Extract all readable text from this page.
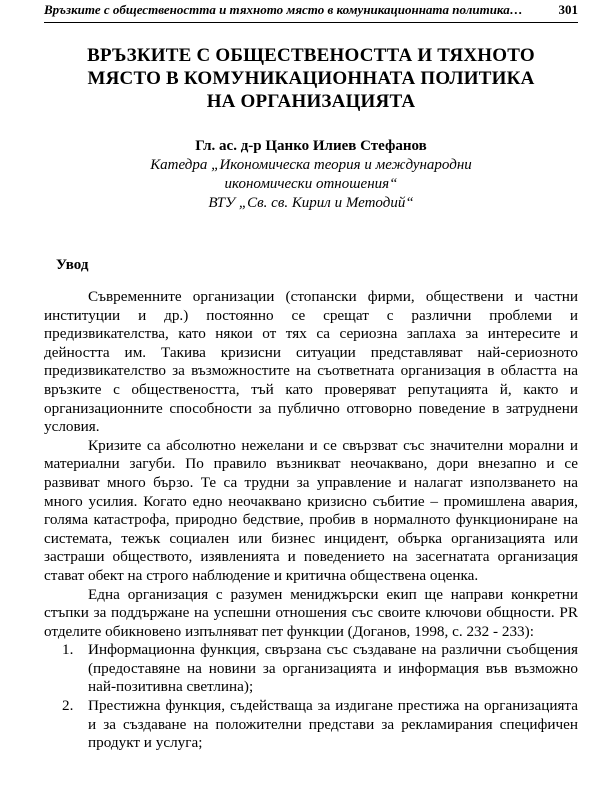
Връзките с обществеността и тяхното място в комуникационната политика…	301
ВРЪЗКИТЕ С ОБЩЕСТВЕНОСТТА И ТЯХНОТО
МЯСТО В КОМУНИКАЦИОННАТА ПОЛИТИКА
НА ОРГАНИЗАЦИЯТА
Гл. ас. д-р Цанко Илиев Стефанов
Катедра „Икономическа теория и международни
икономически отношения“
ВТУ „Св. св. Кирил и Методий“
Увод

Съвременните организации (стопански фирми, обществени и частни институции и др.) постоянно се срещат с различни проблеми и предизвикателства, като някои от тях са сериозна заплаха за интересите и дейността им. Такива кризисни ситуации представляват най-сериозното предизвикателство за възможностите на съответната организация в областта на връзките с обществеността, тъй като проверяват репутацията й, както и организационните способности за публично отговорно поведение в затруднени условия.

Кризите са абсолютно нежелани и се свързват със значителни морални и материални загуби. По правило възникват неочаквано, дори внезапно и се развиват много бързо. Те са трудни за управление и налагат използването на много усилия. Когато едно неочаквано кризисно събитие – промишлена авария, голяма катастрофа, природно бедствие, пробив в нормалното функциониране на системата, тежък социален или бизнес инцидент, обърка организацията или застраши обществото, изявленията и поведението на засегнатата организация стават обект на строго наблюдение и критична обществена оценка.

Една организация с разумен мениджърски екип ще направи конкретни стъпки за поддържане на успешни отношения със своите ключови общности. PR отделите обикновено изпълняват пет функции (Доганов, 1998, с. 232 - 233):

1. Информационна функция, свързана със създаване на различни съобщения (предоставяне на новини за организацията и информация във възможно най-позитивна светлина);
2. Престижна функция, съдействаща за издигане престижа на организацията и за създаване на положителни представи за рекламирания специфичен продукт и услуга;
